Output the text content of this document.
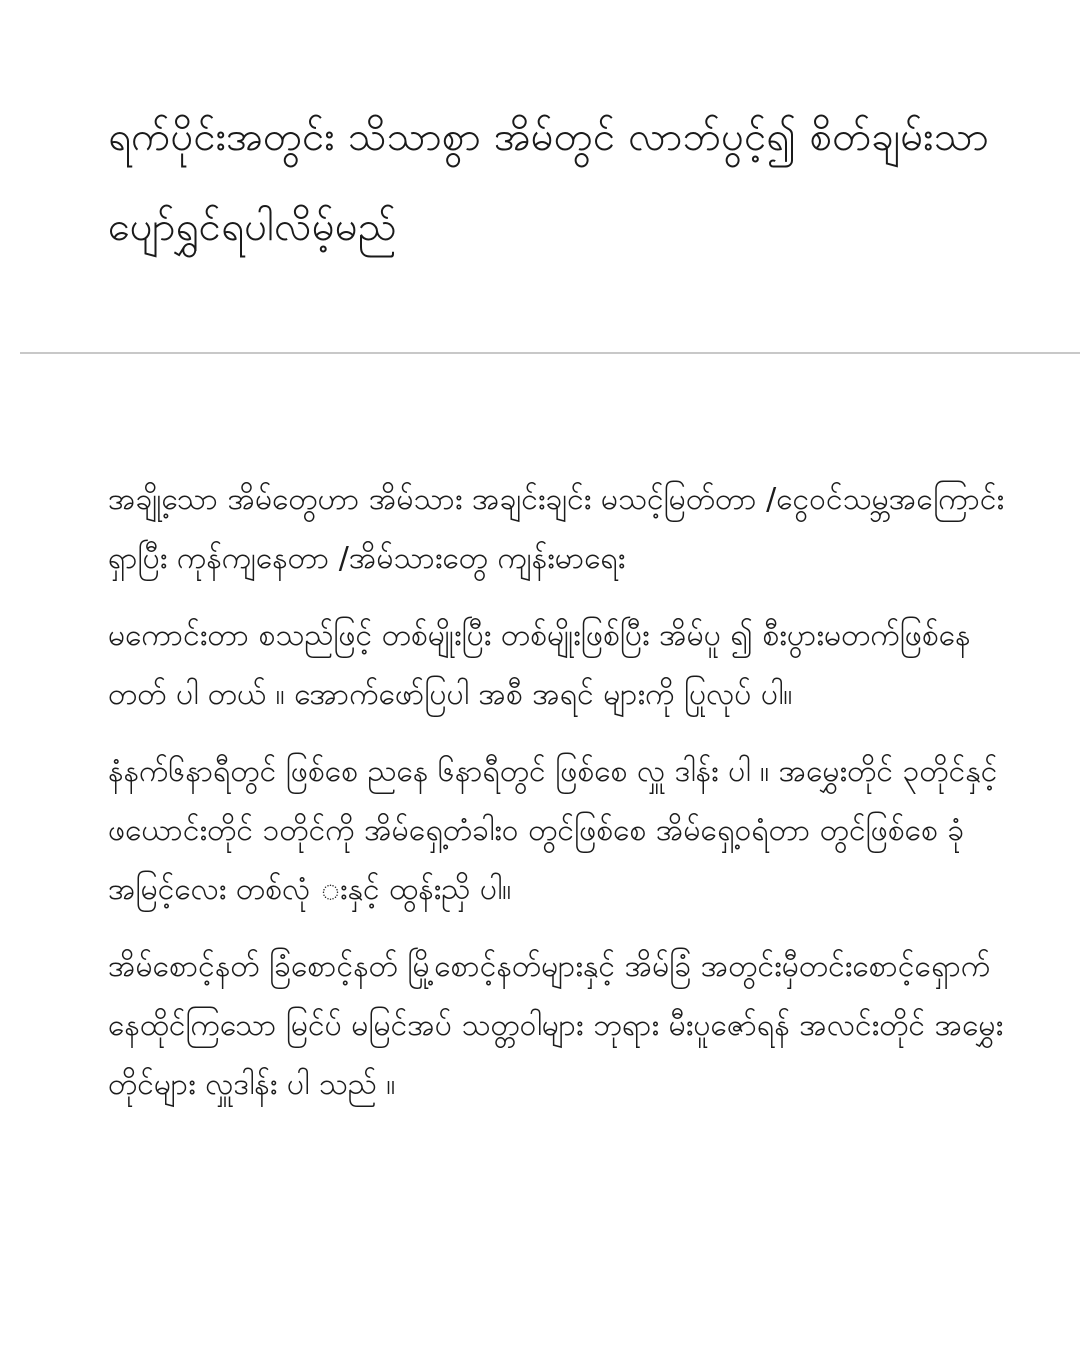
ရက်ပိုင်းအတွင်း သိသာစွာ အိမ်တွင် လာဘ်ပွင့်၍ စိတ်ချမ်းသာ ပျော်ရွှင်ရပါလိမ့်မည်

အချို့သော အိမ်တွေဟာ အိမ်သား အချင်းချင်း မသင့်မြတ်တာ /ငွေဝင်သမ္ဘအကြောင်း ရှာပြီး ကုန်ကျနေတာ /အိမ်သားတွေ ကျန်းမာရေး

မကောင်းတာ စသည်ဖြင့် တစ်မျိုးပြီး တစ်မျိုးဖြစ်ပြီး အိမ်ပူ ၍ စီးပွားမတက်ဖြစ်နေ တတ် ပါ တယ် ။ အောက်ဖော်ပြပါ အစီ အရင် များကို ပြုလုပ် ပါ။

နံနက်၆နာရီတွင် ဖြစ်စေ ညနေ ၆နာရီတွင် ဖြစ်စေ လှူ ဒါန်း ပါ ။ အမွှေးတိုင် ၃တိုင်နှင့် ဖယောင်းတိုင် ၁တိုင်ကို အိမ်ရှေ့တံခါး၀ တွင်ဖြစ်စေ အိမ်ရှေ့ဝရံတာ တွင်ဖြစ်စေ ခုံအမြင့်လေး တစ်လုံ းနှင့် ထွန်းညှိ ပါ။

အိမ်စောင့်နတ် ခြံစောင့်နတ် မြို့စောင့်နတ်များနှင့် အိမ်ခြံ အတွင်းမှီတင်းစောင့်ရှောက်နေထိုင်ကြသော မြင်ပ် မမြင်အပ် သတ္တဝါများ ဘုရား မီးပူဇော်ရန် အလင်းတိုင် အမွှေးတိုင်များ လှူဒါန်း ပါ သည် ။
